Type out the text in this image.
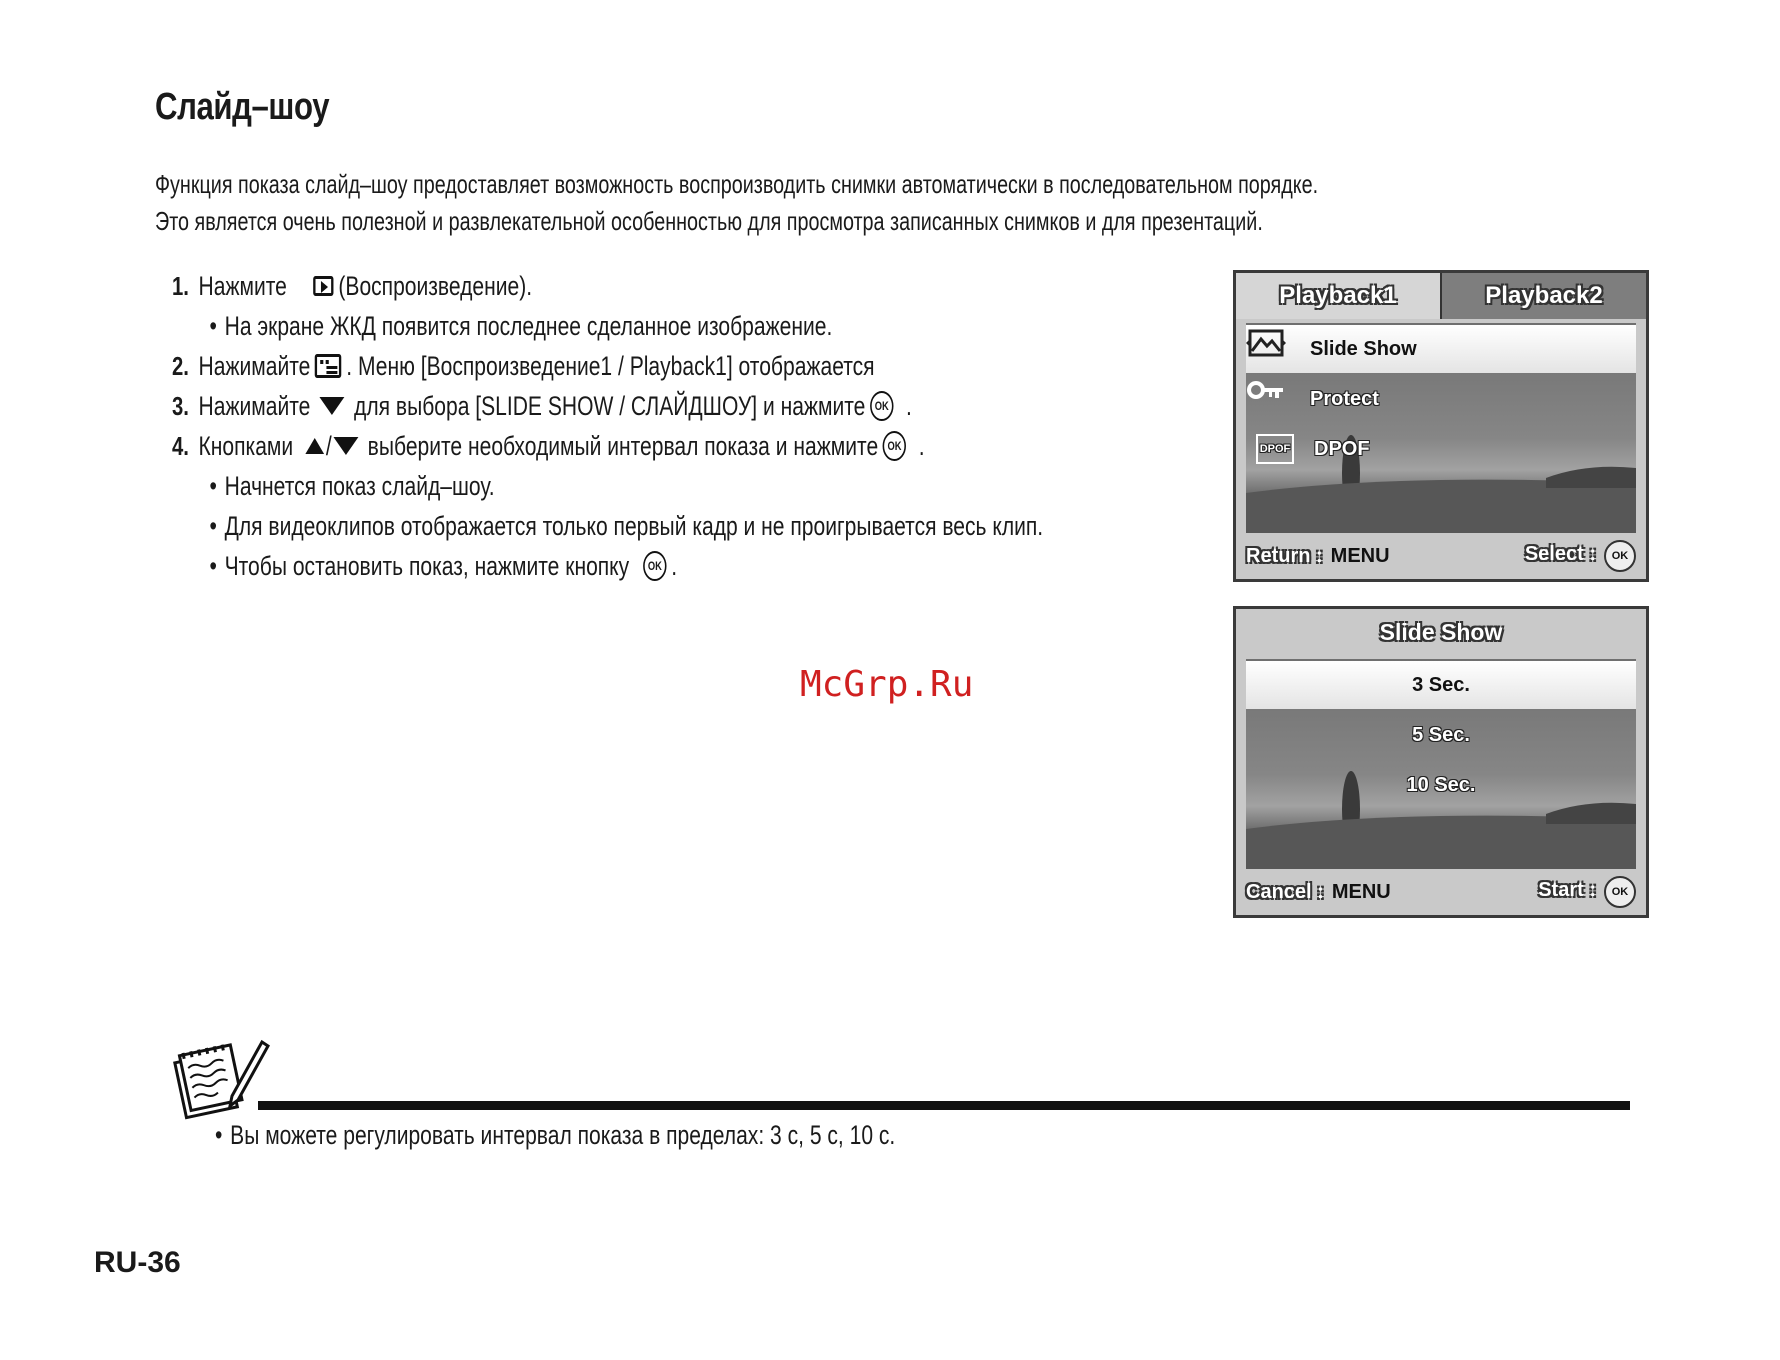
Слайд–шоу

Функция показа слайд–шоу предоставляет возможность воспроизводить снимки автоматически в последовательном порядке.

Это является очень полезной и развлекательной особенностью для просмотра записанных снимков и для презентаций.

1. Нажмите (Воспроизведение).
• На экране ЖКД появится последнее сделанное изображение.
2. Нажимайте . Меню [Воспроизведение1 / Playback1] отображается
3. Нажимайте для выбора [SLIDE SHOW / СЛАЙДШОУ] и нажмите OK .
4. Кнопками / выберите необходимый интервал показа и нажмите OK .
• Начнется показ слайд–шоу.
• Для видеоклипов отображается только первый кадр и не проигрывается весь клип.
• Чтобы остановить показ, нажмите кнопку	OK .
Playback1	Playback2
Slide Show
Protect
DPOF DPOF
Return : MENU	Select : OK
Slide Show
3 Sec.
5 Sec.
10 Sec.
Cancel : MENU	Start : OK
McGrp.Ru
• Вы можете регулировать интервал показа в пределах: 3 с, 5 с, 10 с.
RU-36
